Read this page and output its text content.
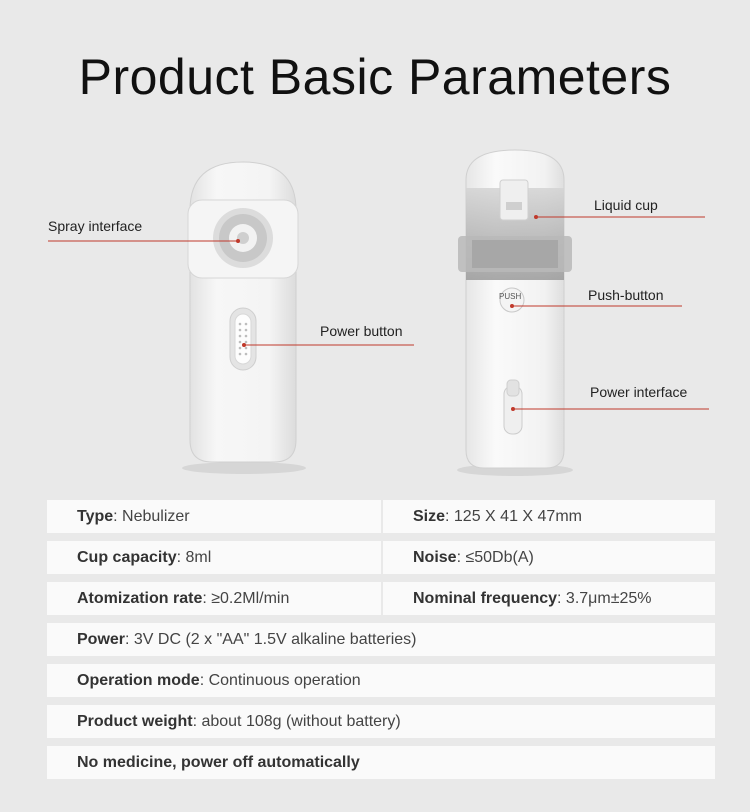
Product Basic Parameters
PUSH
Spray interface
Power button
Liquid cup
Push-button
Power interface
Type : Nebulizer	Size : 125 X 41 X 47mm
Cup capacity : 8ml	Noise : ≤50Db(A)
Atomization rate : ≥0.2Ml/min	Nominal frequency : 3.7μm±25%
Power : 3V DC (2 x "AA" 1.5V alkaline batteries)
Operation mode : Continuous operation
Product weight : about 108g (without battery)
No medicine, power off automatically
